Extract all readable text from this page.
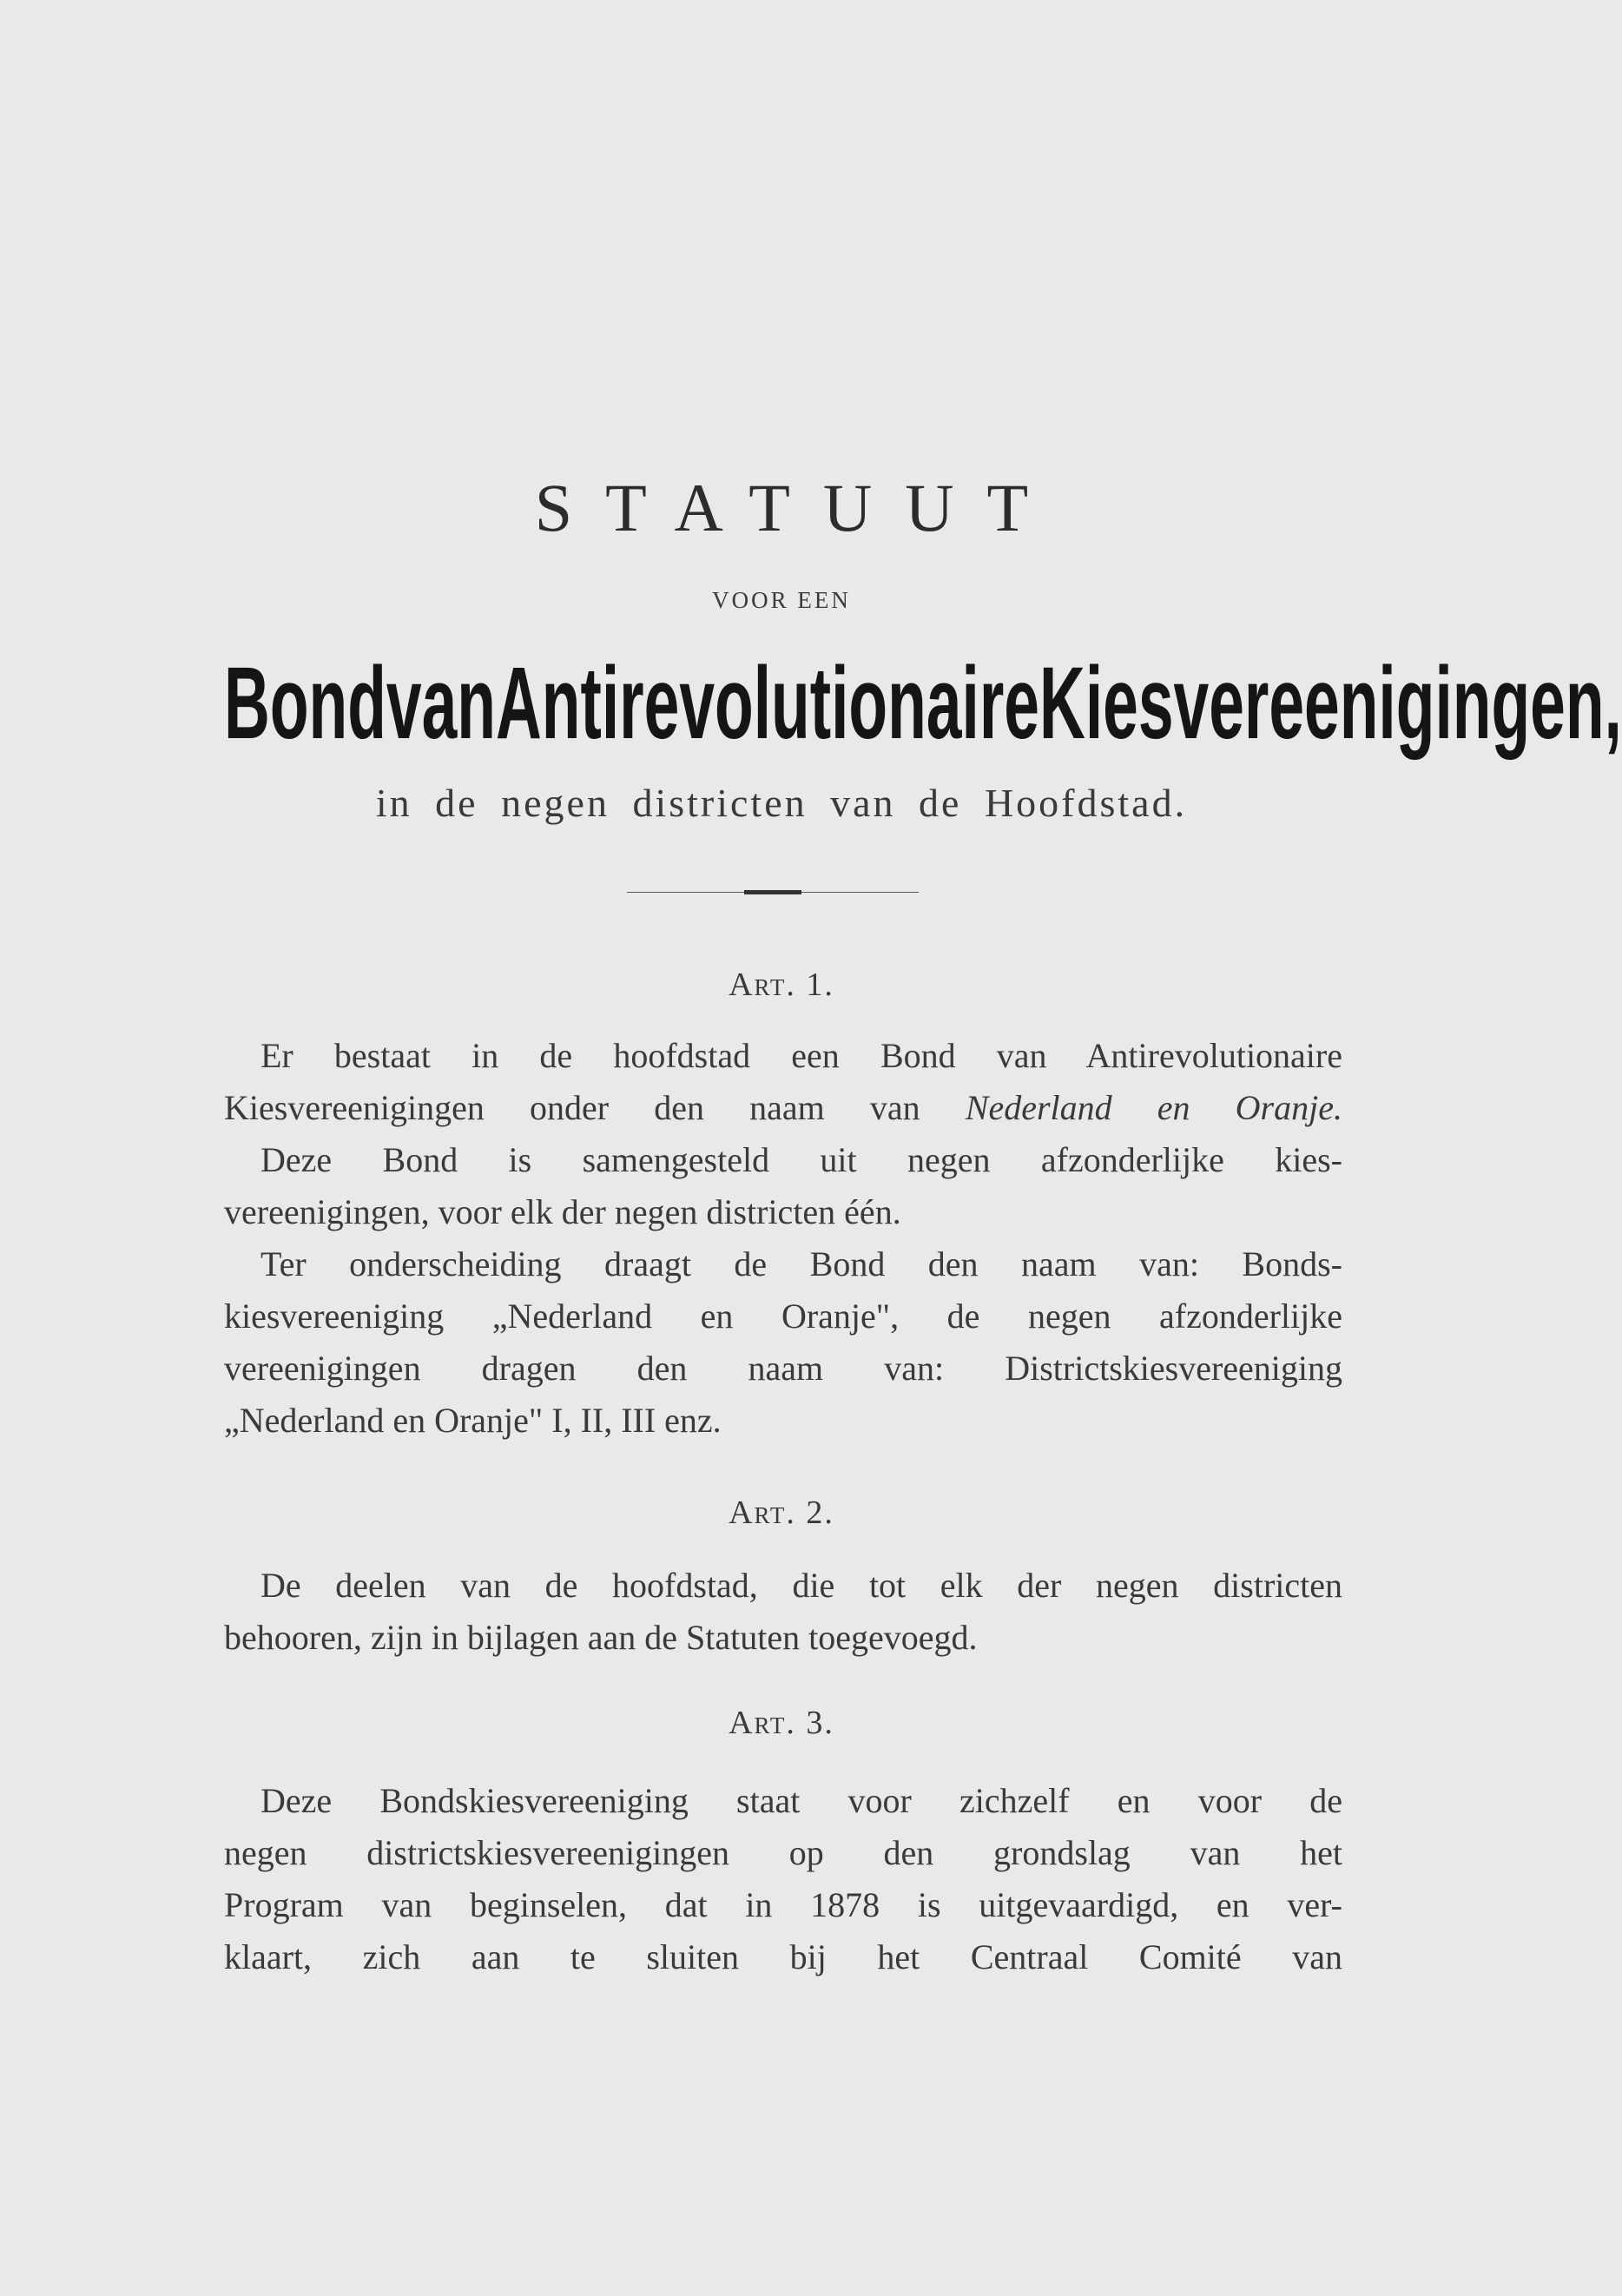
STATUUT
VOOR EEN
Bond van Antirevolutionaire Kiesvereenigingen,
in de negen districten van de Hoofdstad.
Art. 1.
Er bestaat in de hoofdstad een Bond van Antirevolutionaire
Kiesvereenigingen onder den naam van Nederland en Oranje.
Deze Bond is samengesteld uit negen afzonderlijke kies-
vereenigingen, voor elk der negen districten één.
Ter onderscheiding draagt de Bond den naam van: Bonds-
kiesvereeniging „Nederland en Oranje", de negen afzonderlijke
vereenigingen dragen den naam van: Districtskiesvereeniging
„Nederland en Oranje" I, II, III enz.
Art. 2.
De deelen van de hoofdstad, die tot elk der negen districten
behooren, zijn in bijlagen aan de Statuten toegevoegd.
Art. 3.
Deze Bondskiesvereeniging staat voor zichzelf en voor de
negen districtskiesvereenigingen op den grondslag van het
Program van beginselen, dat in 1878 is uitgevaardigd, en ver-
klaart, zich aan te sluiten bij het Centraal Comité van
